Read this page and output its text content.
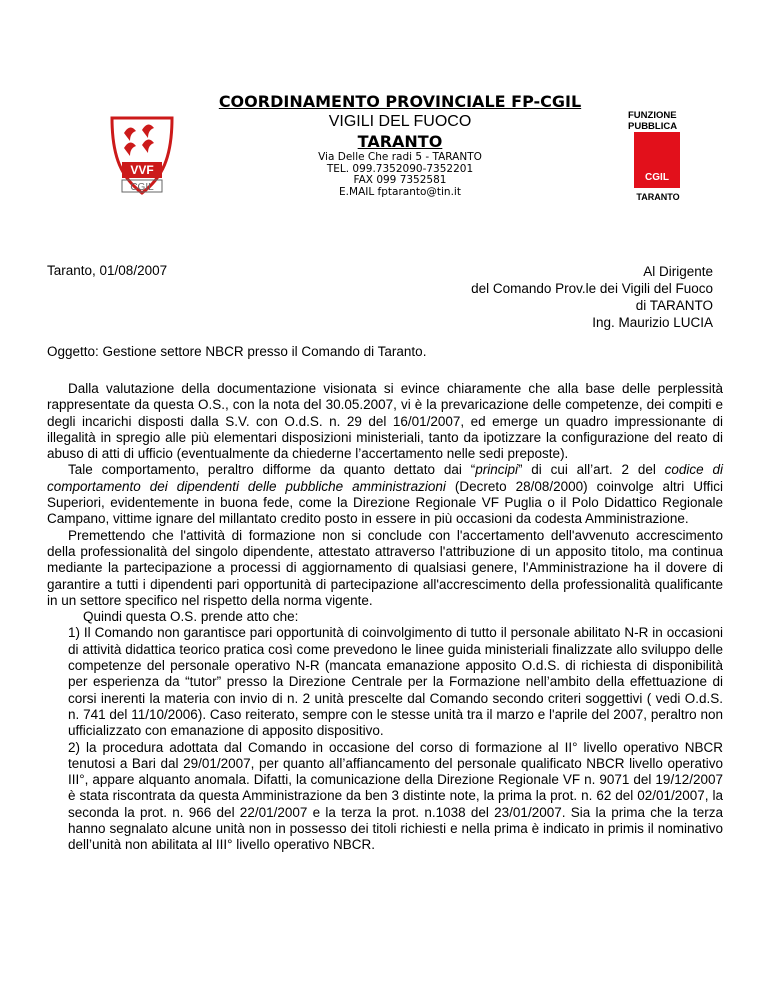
VVF
CGIL
COORDINAMENTO PROVINCIALE FP-CGIL
VIGILI DEL FUOCO
TARANTO
Via Delle Che radi 5 - TARANTO
TEL. 099.7352090-7352201
FAX 099 7352581
E.MAIL fptaranto@tin.it
FUNZIONE
PUBBLICA
CGIL
TARANTO
Taranto, 01/08/2007	Al Dirigente
del Comando Prov.le dei Vigili del Fuoco
di TARANTO
Ing. Maurizio LUCIA
Oggetto: Gestione settore NBCR presso il Comando di Taranto.

Dalla valutazione della documentazione visionata si evince chiaramente che alla base delle perplessità rappresentate da questa O.S., con la nota del 30.05.2007, vi è la prevaricazione delle competenze, dei compiti e degli incarichi disposti dalla S.V. con O.d.S. n. 29 del 16/01/2007, ed emerge un quadro impressionante di illegalità in spregio alle più elementari disposizioni ministeriali, tanto da ipotizzare la configurazione del reato di abuso di atti di ufficio (eventualmente da chiederne l’accertamento nelle sedi preposte).

Tale comportamento, peraltro difforme da quanto dettato dai “principi” di cui all’art. 2 del codice di comportamento dei dipendenti delle pubbliche amministrazioni (Decreto 28/08/2000) coinvolge altri Uffici Superiori, evidentemente in buona fede, come la Direzione Regionale VF Puglia o il Polo Didattico Regionale Campano, vittime ignare del millantato credito posto in essere in più occasioni da codesta Amministrazione.

Premettendo che l'attività di formazione non si conclude con l'accertamento dell'avvenuto accrescimento della professionalità del singolo dipendente, attestato attraverso l'attribuzione di un apposito titolo, ma continua mediante la partecipazione a processi di aggiornamento di qualsiasi genere, l'Amministrazione ha il dovere di garantire a tutti i dipendenti pari opportunità di partecipazione all'accrescimento della professionalità qualificante in un settore specifico nel rispetto della norma vigente.

Quindi questa O.S. prende atto che:

1) Il Comando non garantisce pari opportunità di coinvolgimento di tutto il personale abilitato N-R in occasioni di attività didattica teorico pratica così come prevedono le linee guida ministeriali finalizzate allo sviluppo delle competenze del personale operativo N-R (mancata emanazione apposito O.d.S. di richiesta di disponibilità per esperienza da “tutor” presso la Direzione Centrale per la Formazione nell’ambito della effettuazione di corsi inerenti la materia con invio di n. 2 unità prescelte dal Comando secondo criteri soggettivi ( vedi O.d.S. n. 741 del 11/10/2006). Caso reiterato, sempre con le stesse unità tra il marzo e l'aprile del 2007, peraltro non ufficializzato con emanazione di apposito dispositivo.

2) la procedura adottata dal Comando in occasione del corso di formazione al II° livello operativo NBCR tenutosi a Bari dal 29/01/2007, per quanto all’affiancamento del personale qualificato NBCR livello operativo III°, appare alquanto anomala. Difatti, la comunicazione della Direzione Regionale VF n. 9071 del 19/12/2007 è stata riscontrata da questa Amministrazione da ben 3 distinte note, la prima la prot. n. 62 del 02/01/2007, la seconda la prot. n. 966 del 22/01/2007 e la terza la prot. n.1038 del 23/01/2007. Sia la prima che la terza hanno segnalato alcune unità non in possesso dei titoli richiesti e nella prima è indicato in primis il nominativo dell’unità non abilitata al III° livello operativo NBCR.
